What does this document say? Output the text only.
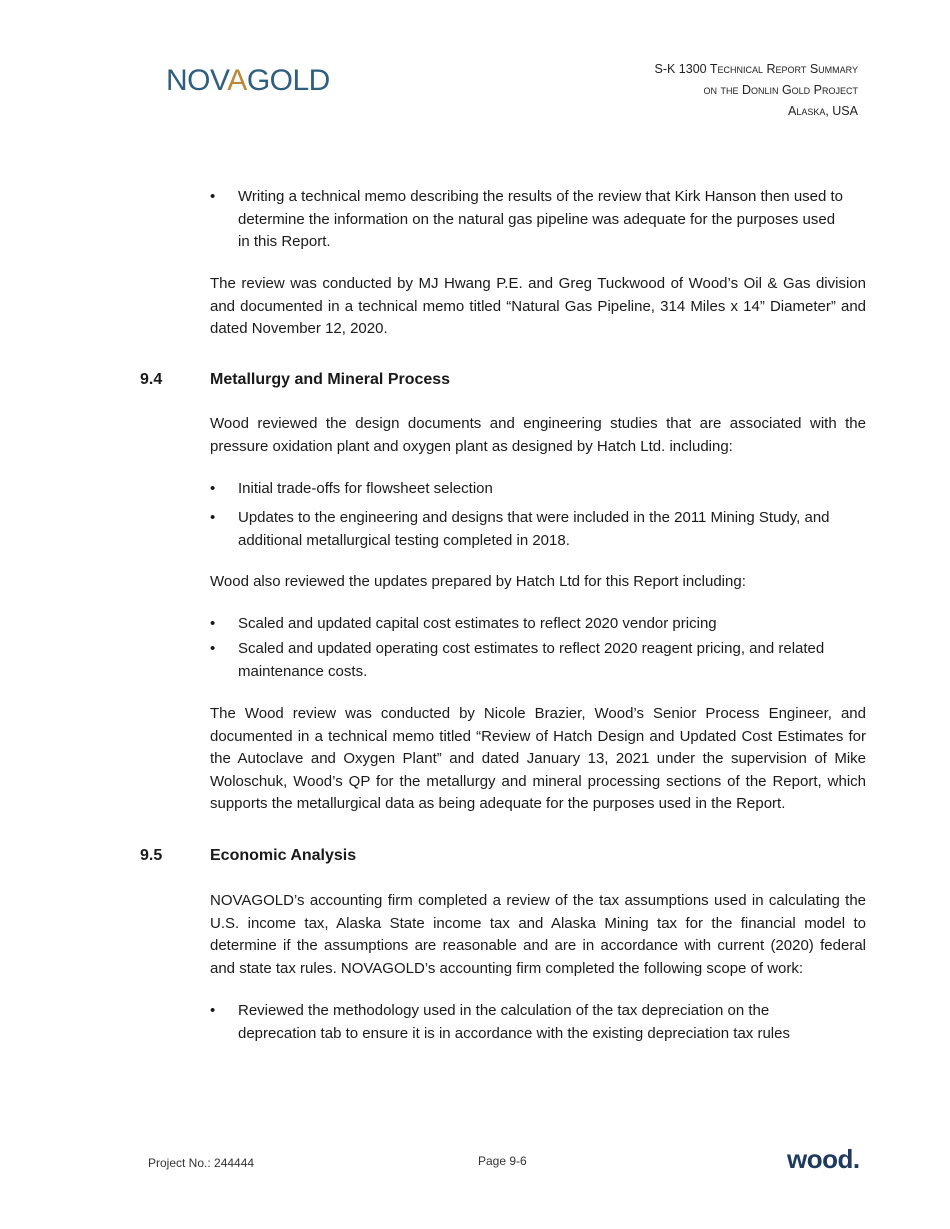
NOVAGOLD	S-K 1300 Technical Report Summary
on the Donlin Gold Project
Alaska, USA
•	Writing a technical memo describing the results of the review that Kirk Hanson then used to determine the information on the natural gas pipeline was adequate for the purposes used in this Report.

The review was conducted by MJ Hwang P.E. and Greg Tuckwood of Wood’s Oil & Gas division and documented in a technical memo titled “Natural Gas Pipeline, 314 Miles x 14” Diameter” and dated November 12, 2020.

9.4	Metallurgy and Mineral Process

Wood reviewed the design documents and engineering studies that are associated with the pressure oxidation plant and oxygen plant as designed by Hatch Ltd. including:

•	Initial trade-offs for flowsheet selection
•	Updates to the engineering and designs that were included in the 2011 Mining Study, and additional metallurgical testing completed in 2018.

Wood also reviewed the updates prepared by Hatch Ltd for this Report including:

•	Scaled and updated capital cost estimates to reflect 2020 vendor pricing
•	Scaled and updated operating cost estimates to reflect 2020 reagent pricing, and related maintenance costs.

The Wood review was conducted by Nicole Brazier, Wood’s Senior Process Engineer, and documented in a technical memo titled “Review of Hatch Design and Updated Cost Estimates for the Autoclave and Oxygen Plant” and dated January 13, 2021 under the supervision of Mike Woloschuk, Wood’s QP for the metallurgy and mineral processing sections of the Report, which supports the metallurgical data as being adequate for the purposes used in the Report.

9.5	Economic Analysis

NOVAGOLD’s accounting firm completed a review of the tax assumptions used in calculating the U.S. income tax, Alaska State income tax and Alaska Mining tax for the financial model to determine if the assumptions are reasonable and are in accordance with current (2020) federal and state tax rules. NOVAGOLD’s accounting firm completed the following scope of work:

•	Reviewed the methodology used in the calculation of the tax depreciation on the deprecation tab to ensure it is in accordance with the existing depreciation tax rules
Project No.: 244444	Page 9-6	wood.
